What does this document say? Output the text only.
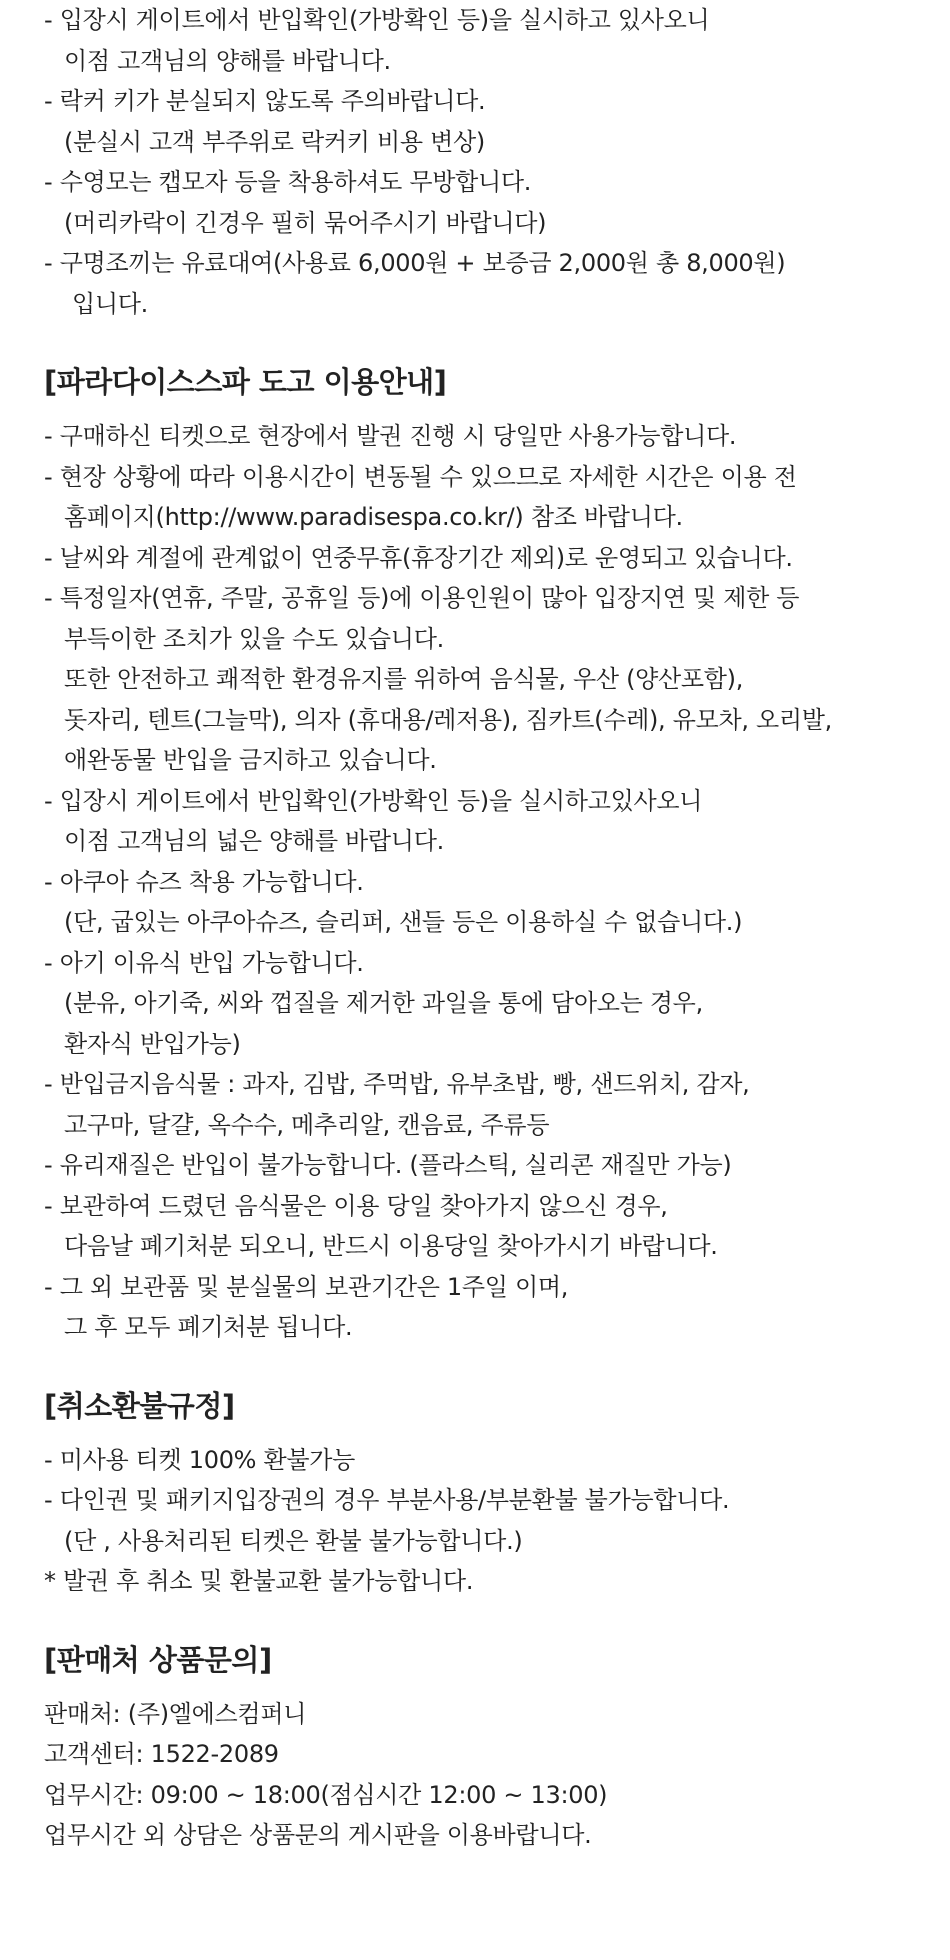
- 입장시 게이트에서 반입확인(가방확인 등)을 실시하고 있사오니

이점 고객님의 양해를 바랍니다.

- 락커 키가 분실되지 않도록 주의바랍니다.

(분실시 고객 부주위로 락커키 비용 변상)

- 수영모는 캡모자 등을 착용하셔도 무방합니다.

(머리카락이 긴경우 필히 묶어주시기 바랍니다)

- 구명조끼는 유료대여(사용료 6,000원 + 보증금 2,000원 총 8,000원)

입니다.

[파라다이스스파 도고 이용안내]

- 구매하신 티켓으로 현장에서 발권 진행 시 당일만 사용가능합니다.

- 현장 상황에 따라 이용시간이 변동될 수 있으므로 자세한 시간은 이용 전

홈페이지(http://www.paradisespa.co.kr/) 참조 바랍니다.

- 날씨와 계절에 관계없이 연중무휴(휴장기간 제외)로 운영되고 있습니다.

- 특정일자(연휴, 주말, 공휴일 등)에 이용인원이 많아 입장지연 및 제한 등

부득이한 조치가 있을 수도 있습니다.

또한 안전하고 쾌적한 환경유지를 위하여 음식물, 우산 (양산포함),

돗자리, 텐트(그늘막), 의자 (휴대용/레저용), 짐카트(수레), 유모차, 오리발,

애완동물 반입을 금지하고 있습니다.

- 입장시 게이트에서 반입확인(가방확인 등)을 실시하고있사오니

이점 고객님의 넓은 양해를 바랍니다.

- 아쿠아 슈즈 착용 가능합니다.

(단, 굽있는 아쿠아슈즈, 슬리퍼, 샌들 등은 이용하실 수 없습니다.)

- 아기 이유식 반입 가능합니다.

(분유, 아기죽, 씨와 껍질을 제거한 과일을 통에 담아오는 경우,

환자식 반입가능)

- 반입금지음식물 : 과자, 김밥, 주먹밥, 유부초밥, 빵, 샌드위치, 감자,

고구마, 달걀, 옥수수, 메추리알, 캔음료, 주류등

- 유리재질은 반입이 불가능합니다. (플라스틱, 실리콘 재질만 가능)

- 보관하여 드렸던 음식물은 이용 당일 찾아가지 않으신 경우,

다음날 폐기처분 되오니, 반드시 이용당일 찾아가시기 바랍니다.

- 그 외 보관품 및 분실물의 보관기간은 1주일 이며,

그 후 모두 폐기처분 됩니다.

[취소환불규정]

- 미사용 티켓 100% 환불가능

- 다인권 및 패키지입장권의 경우 부분사용/부분환불 불가능합니다.

(단 , 사용처리된 티켓은 환불 불가능합니다.)

* 발권 후 취소 및 환불교환 불가능합니다.

[판매처 상품문의]

판매처: (주)엘에스컴퍼니

고객센터: 1522-2089

업무시간: 09:00 ~ 18:00(점심시간 12:00 ~ 13:00)

업무시간 외 상담은 상품문의 게시판을 이용바랍니다.
